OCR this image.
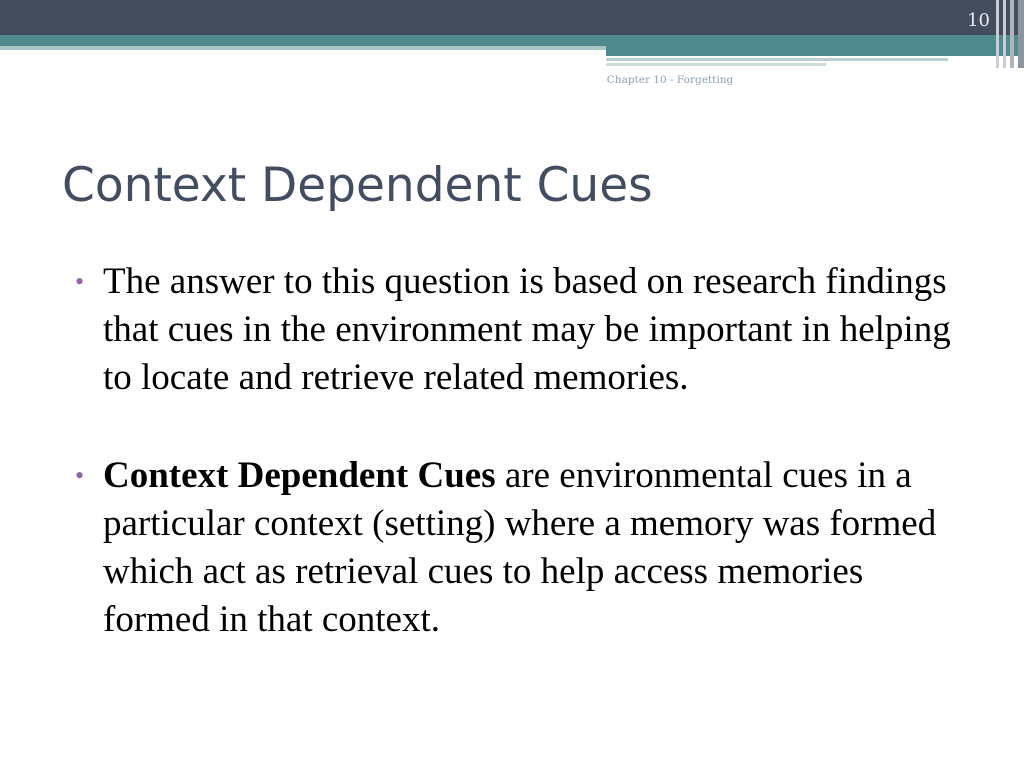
10
Chapter 10 - Forgetting
Context Dependent Cues
• The answer to this question is based on research findings that cues in the environment may be important in helping to locate and retrieve related memories.
• Context Dependent Cues are environmental cues in a particular context (setting) where a memory was formed which act as retrieval cues to help access memories formed in that context.
